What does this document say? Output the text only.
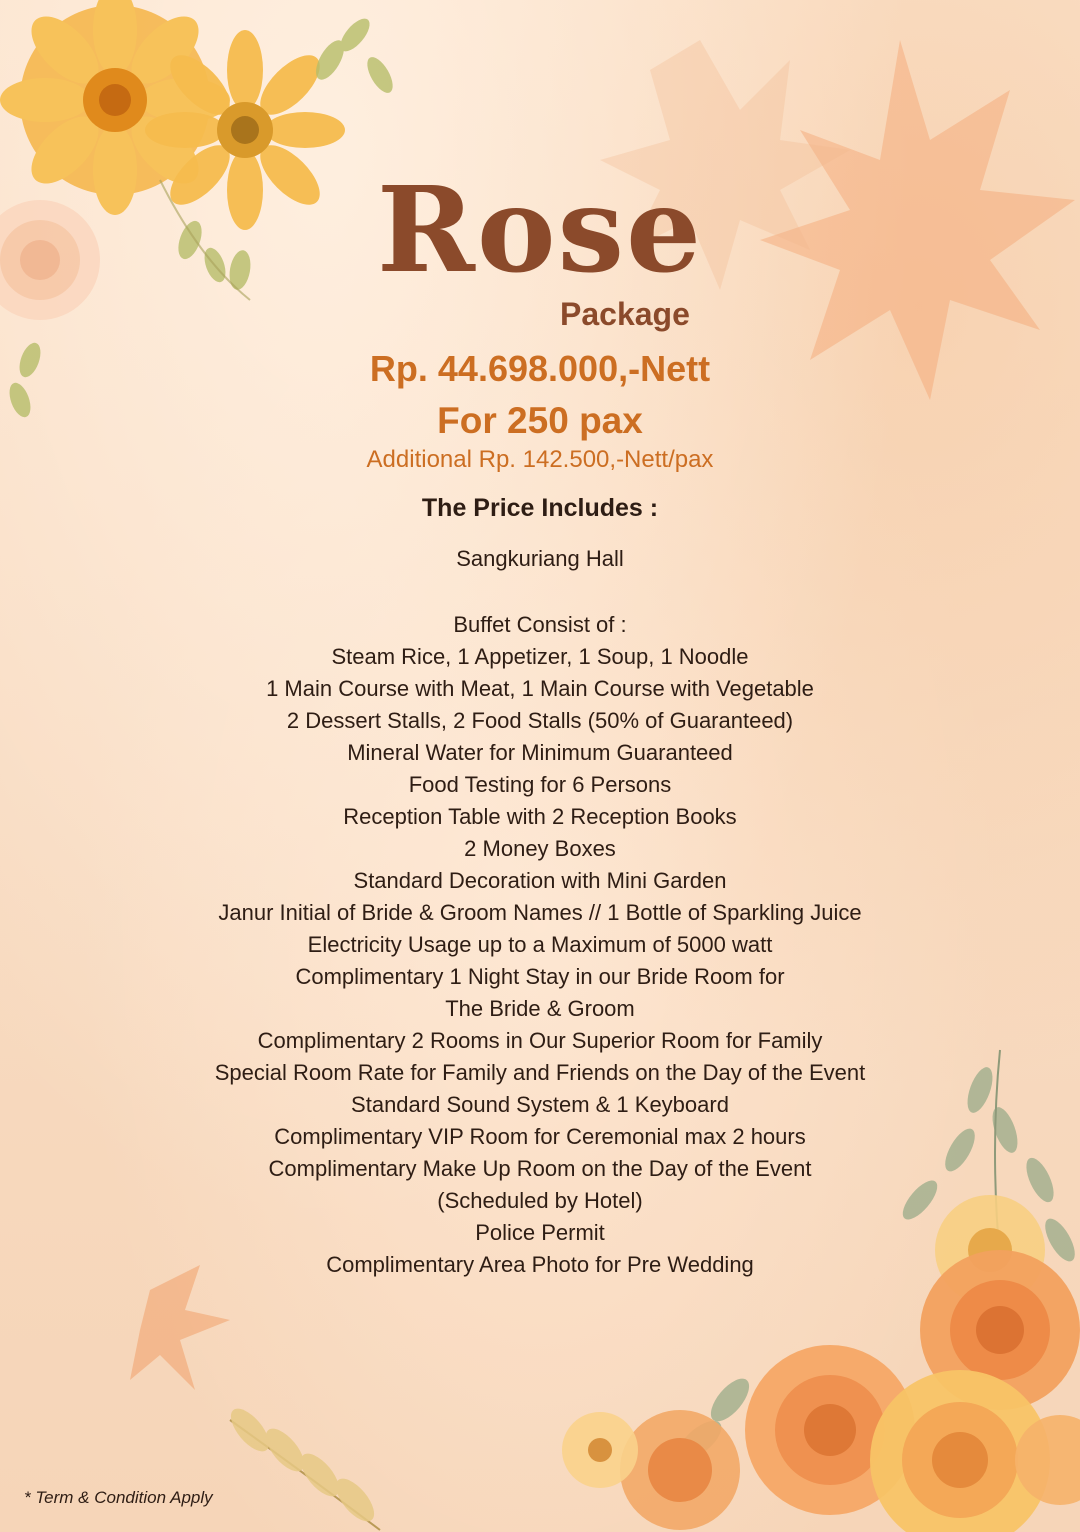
Rose
Package
Rp. 44.698.000,-Nett
For 250 pax
Additional Rp. 142.500,-Nett/pax
The Price Includes :
Sangkuriang Hall
Buffet Consist of :
Steam Rice, 1 Appetizer, 1 Soup, 1 Noodle
1 Main Course with Meat, 1 Main Course with Vegetable
2 Dessert Stalls, 2 Food Stalls (50% of Guaranteed)
Mineral Water for Minimum Guaranteed
Food Testing for 6 Persons
Reception Table with 2 Reception Books
2 Money Boxes
Standard Decoration with Mini Garden
Janur Initial of Bride & Groom Names // 1 Bottle of Sparkling Juice
Electricity Usage up to a Maximum of 5000 watt
Complimentary 1 Night Stay in our Bride Room for
The Bride & Groom
Complimentary 2 Rooms in Our Superior Room for Family
Special Room Rate for Family and Friends on the Day of the Event
Standard Sound System & 1 Keyboard
Complimentary VIP Room for Ceremonial max 2 hours
Complimentary Make Up Room on the Day of the Event
(Scheduled by Hotel)
Police Permit
Complimentary Area Photo for Pre Wedding
* Term & Condition Apply
